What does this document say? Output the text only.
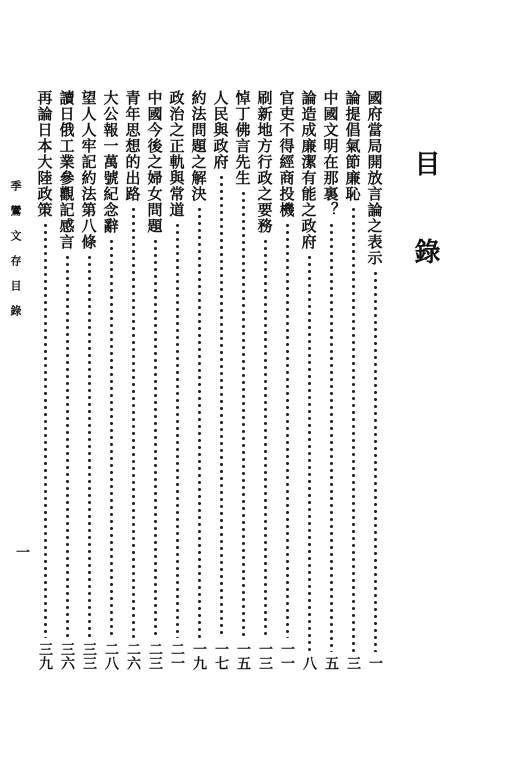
目　錄
國府當局開放言論之表示
一
論提倡氣節廉恥
三
中國文明在那裏？
五
論造成廉潔有能之政府
八
官吏不得經商投機
一一
刷新地方行政之要務
一三
悼丁佛言先生
一五
人民與政府
一七
約法問題之解決
一九
政治之正軌與常道
二一
中國今後之婦女問題
二三
青年思想的出路
二六
大公報一萬號紀念辭
二八
望人人牢記約法第八條
三三
讀日俄工業參觀記感言
三六
再論日本大陸政策
三九
季鸞文存目錄
一
